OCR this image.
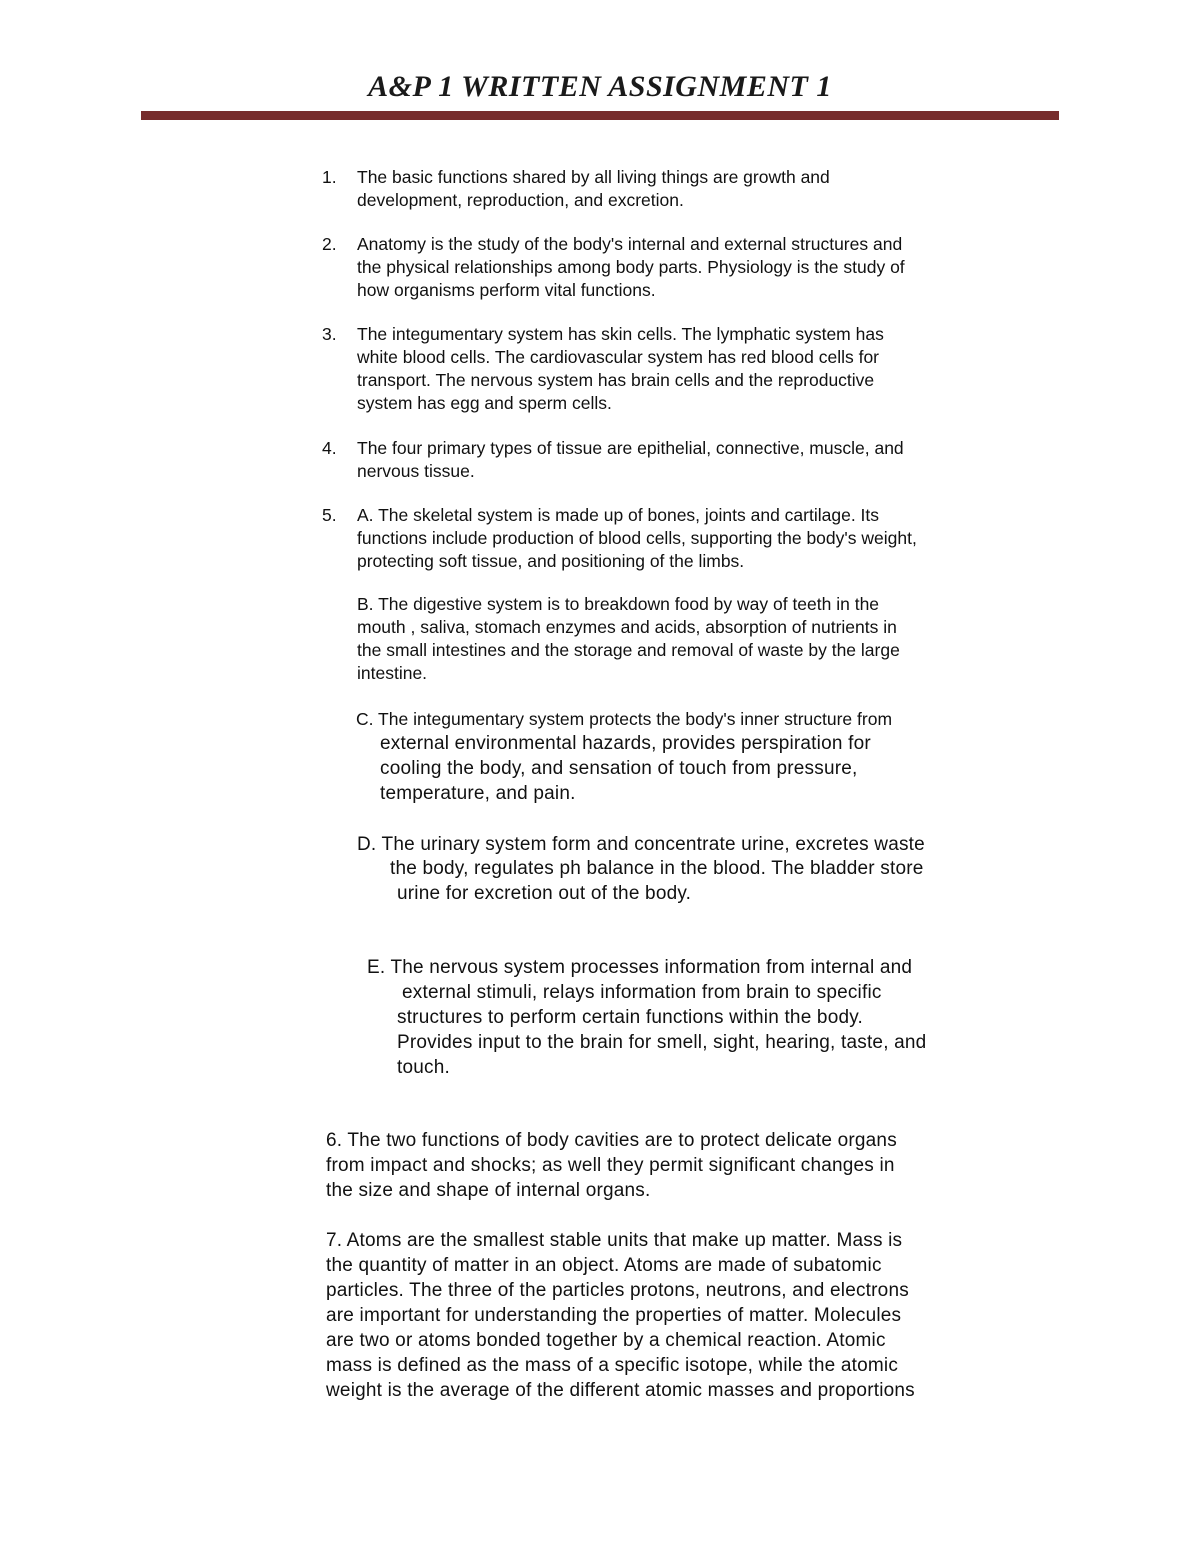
A&P 1 WRITTEN ASSIGNMENT 1
1. The basic functions shared by all living things are growth and
development, reproduction, and excretion.
2. Anatomy is the study of the body's internal and external structures and
the physical relationships among body parts. Physiology is the study of
how organisms perform vital functions.
3. The integumentary system has skin cells. The lymphatic system has
white blood cells. The cardiovascular system has red blood cells for
transport. The nervous system has brain cells and the reproductive
system has egg and sperm cells.
4. The four primary types of tissue are epithelial, connective, muscle, and
nervous tissue.
5. A. The skeletal system is made up of bones, joints and cartilage. Its
functions include production of blood cells, supporting the body's weight,
protecting soft tissue, and positioning of the limbs.
B. The digestive system is to breakdown food by way of teeth in the
mouth , saliva, stomach enzymes and acids, absorption of nutrients in
the small intestines and the storage and removal of waste by the large
intestine.
C. The integumentary system protects the body's inner structure from
external environmental hazards, provides perspiration for
cooling the body, and sensation of touch from pressure,
temperature, and pain.
D. The urinary system form and concentrate urine, excretes waste
the body, regulates ph balance in the blood. The bladder store
urine for excretion out of the body.
E. The nervous system processes information from internal and
external stimuli, relays information from brain to specific
structures to perform certain functions within the body.
Provides input to the brain for smell, sight, hearing, taste, and
touch.
6. The two functions of body cavities are to protect delicate organs
from impact and shocks; as well they permit significant changes in
the size and shape of internal organs.
7. Atoms are the smallest stable units that make up matter. Mass is
the quantity of matter in an object. Atoms are made of subatomic
particles. The three of the particles protons, neutrons, and electrons
are important for understanding the properties of matter. Molecules
are two or atoms bonded together by a chemical reaction. Atomic
mass is defined as the mass of a specific isotope, while the atomic
weight is the average of the different atomic masses and proportions
